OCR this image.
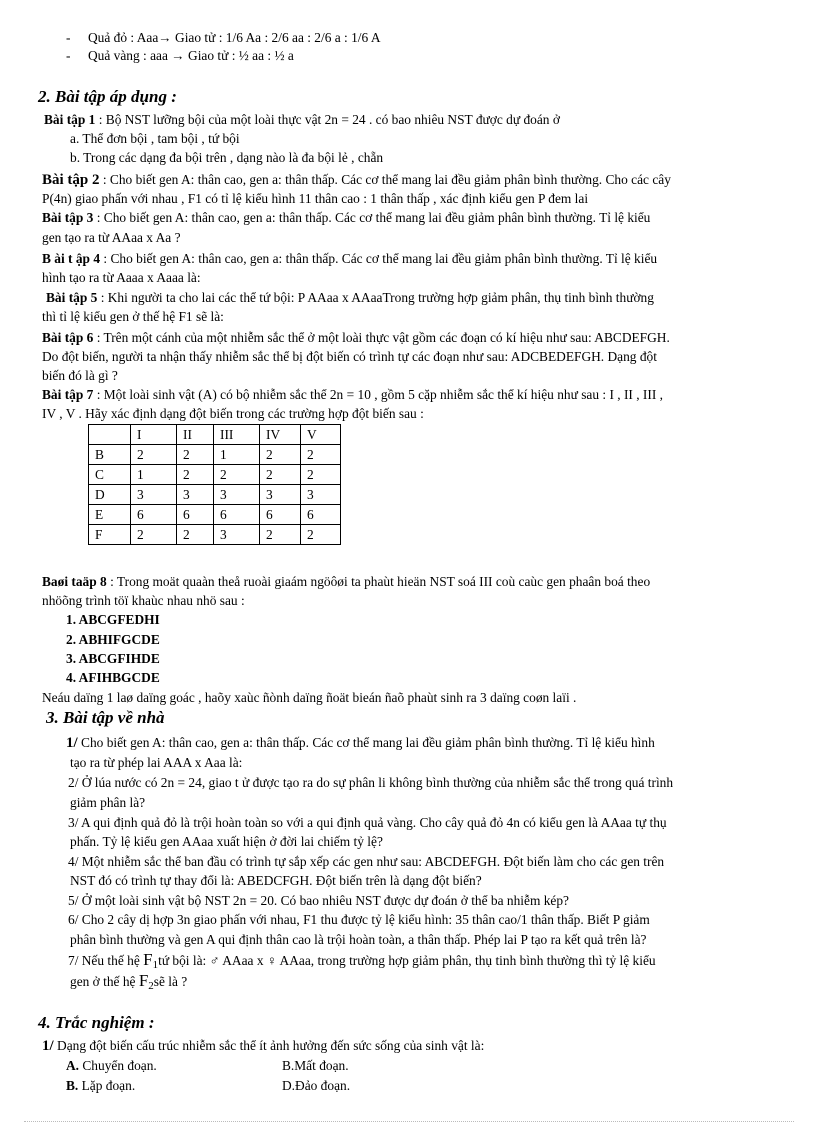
- Quả đỏ : Aaa→ Giao tử : 1/6 Aa : 2/6 aa : 2/6 a : 1/6 A
- Quả vàng : aaa → Giao tử : ½ aa : ½ a
2. Bài tập áp dụng :
Bài tập 1 : Bộ NST lưỡng bội của một loài thực vật 2n = 24 . có bao nhiêu NST được dự đoán ở
a. Thể đơn bội , tam bội , tứ bội
b. Trong các dạng đa bội trên , dạng nào là đa bội lẻ , chẵn
Bài tập 2 : Cho biết gen A: thân cao, gen a: thân thấp. Các cơ thể mang lai đều giảm phân bình thường. Cho các cây
P(4n) giao phấn với nhau , F1 có tỉ lệ kiểu hình 11 thân cao : 1 thân thấp , xác định kiểu gen P đem lai
Bài tập 3 : Cho biết gen A: thân cao, gen a: thân thấp. Các cơ thể mang lai đều giảm phân bình thường. Tỉ lệ kiểu
gen tạo ra từ AAaa x Aa ?
B ài t ập 4 : Cho biết gen A: thân cao, gen a: thân thấp. Các cơ thể mang lai đều giảm phân bình thường. Tỉ lệ kiểu
hình tạo ra từ Aaaa x Aaaa là:
Bài tập 5 : Khi người ta cho lai các thể tứ bội: P AAaa x AAaaTrong trường hợp giảm phân, thụ tinh bình thường
thì tỉ lệ kiểu gen ở thế hệ F1 sẽ là:
Bài tập 6 : Trên một cánh của một nhiễm sắc thể ở một loài thực vật gồm các đoạn có kí hiệu như sau: ABCDEFGH.
Do đột biến, người ta nhận thấy nhiễm sắc thể bị đột biến có trình tự các đoạn như sau: ADCBEDEFGH. Dạng đột
biến đó là gì ?
Bài tập 7 : Một loài sinh vật (A) có bộ nhiễm sắc thể 2n = 10 , gồm 5 cặp nhiễm sắc thể kí hiệu như sau : I , II , III ,
IV , V . Hãy xác định dạng đột biến trong các trường hợp đột biến sau :
	I	II	III	IV	V
B	2	2	1	2	2
C	1	2	2	2	2
D	3	3	3	3	3
E	6	6	6	6	6
F	2	2	3	2	2
Baøi taäp 8 : Trong moät quaàn theå ruoài giaám ngöôøi ta phaùt hieän NST soá III coù caùc gen phaân boá theo
nhöõng trình töï khaùc nhau nhö sau :
1. ABCGFEDHI
2. ABHIFGCDE
3. ABCGFIHDE
4. AFIHBGCDE
Neáu daïng 1 laø daïng goác , haõy xaùc ñònh daïng ñoät bieán ñaõ phaùt sinh ra 3 daïng coøn laïi .
3. Bài tập về nhà
1/ Cho biết gen A: thân cao, gen a: thân thấp. Các cơ thể mang lai đều giảm phân bình thường. Tỉ lệ kiểu hình
tạo ra từ phép lai AAA x Aaa là:
2/ Ở lúa nước có 2n = 24, giao t ử được tạo ra do sự phân li không bình thường của nhiễm sắc thể trong quá trình
giảm phân là?
3/ A qui định quả đỏ là trội hoàn toàn so với a qui định quả vàng. Cho cây quả đỏ 4n có kiểu gen là AAaa tự thụ
phấn. Tỷ lệ kiểu gen AAaa xuất hiện ở đời lai chiếm tỷ lệ?
4/ Một nhiễm sắc thể ban đầu có trình tự sắp xếp các gen như sau: ABCDEFGH. Đột biến làm cho các gen trên
NST đó có trình tự thay đổi là: ABEDCFGH. Đột biến trên là dạng đột biến?
5/ Ở một loài sinh vật bộ NST 2n = 20. Có bao nhiêu NST được dự đoán ở thể ba nhiễm kép?
6/ Cho 2 cây dị hợp 3n giao phấn với nhau, F1 thu được tỷ lệ kiểu hình: 35 thân cao/1 thân thấp. Biết P giảm
phân bình thường và gen A qui định thân cao là trội hoàn toàn, a thân thấp. Phép lai P tạo ra kết quả trên là?
7/ Nếu thế hệ $F_1tứ$ bội là: ♂ AAaa x ♀ AAaa, trong trường hợp giảm phân, thụ tinh bình thường thì tỷ lệ kiểu
gen ở thế hệ $F_2sẽ$ là ?
4. Trắc nghiệm :
1/ Dạng đột biến cấu trúc nhiễm sắc thể ít ảnh hưởng đến sức sống của sinh vật là:
A. Chuyển đoạn.	B.Mất đoạn.
B. Lặp đoạn.	D.Đảo đoạn.
